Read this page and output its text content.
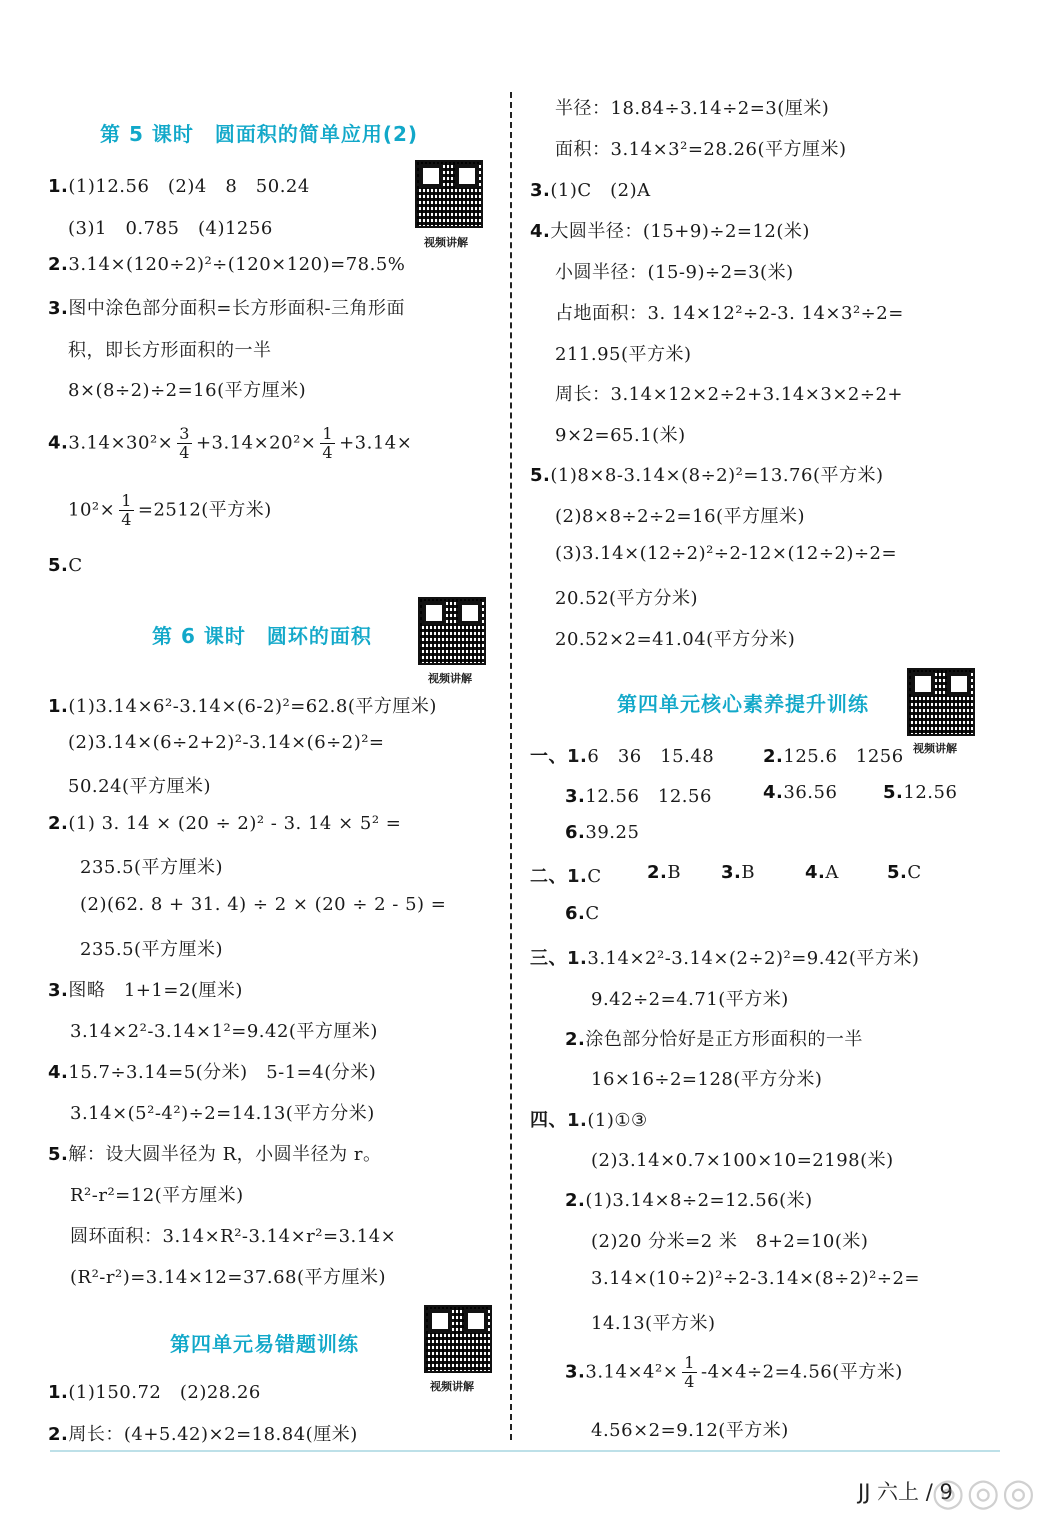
第 5 课时　圆面积的简单应用(2)
视频讲解
1.(1)12.56　(2)4　8　50.24
(3)1　0.785　(4)1256
2.3.14×(120÷2)²÷(120×120)=78.5%
3.图中涂色部分面积=长方形面积-三角形面
积，即长方形面积的一半
8×(8÷2)÷2=16(平方厘米)
$4.3.14\times 30^2\times \frac{3}{4} +3.14\times 20^2\times \frac{1}{4} +3.14\times$
$10^2\times \frac{1}{4} =2512$(平方米)
5.C
第 6 课时　圆环的面积
视频讲解
1.(1)3.14×6²-3.14×(6-2)²=62.8(平方厘米)
(2)3.14×(6÷2+2)²-3.14×(6÷2)²=
50.24(平方厘米)
2.(1) 3. 14 × (20 ÷ 2)² - 3. 14 × 5² =
235.5(平方厘米)
(2)(62. 8 + 31. 4) ÷ 2 × (20 ÷ 2 - 5) =
235.5(平方厘米)
3.图略　1+1=2(厘米)
3.14×2²-3.14×1²=9.42(平方厘米)
4.15.7÷3.14=5(分米)　5-1=4(分米)
3.14×(5²-4²)÷2=14.13(平方分米)
5.解：设大圆半径为 R，小圆半径为 r。
R²-r²=12(平方厘米)
圆环面积：3.14×R²-3.14×r²=3.14×
(R²-r²)=3.14×12=37.68(平方厘米)
第四单元易错题训练
视频讲解
1.(1)150.72　(2)28.26
2.周长：(4+5.42)×2=18.84(厘米)
半径：18.84÷3.14÷2=3(厘米)
面积：3.14×3²=28.26(平方厘米)
3.(1)C　(2)A
4.大圆半径：(15+9)÷2=12(米)
小圆半径：(15-9)÷2=3(米)
占地面积：3. 14×12²÷2-3. 14×3²÷2=
211.95(平方米)
周长：3.14×12×2÷2+3.14×3×2÷2+
9×2=65.1(米)
5.(1)8×8-3.14×(8÷2)²=13.76(平方米)
(2)8×8÷2÷2=16(平方厘米)
(3)3.14×(12÷2)²÷2-12×(12÷2)÷2=
20.52(平方分米)
20.52×2=41.04(平方分米)
第四单元核心素养提升训练
视频讲解
一、1.6　36　15.48	2.125.6　1256
3.12.56　12.56	4.36.56	5.12.56
6.39.25
二、1.C	2.B 3.B	4.A	5.C
6.C
三、1.3.14×2²-3.14×(2÷2)²=9.42(平方米)
9.42÷2=4.71(平方米)
2.涂色部分恰好是正方形面积的一半
16×16÷2=128(平方分米)
四、1.(1)①③
(2)3.14×0.7×100×10=2198(米)
2.(1)3.14×8÷2=12.56(米)
(2)20 分米=2 米　8+2=10(米)
3.14×(10÷2)²÷2-3.14×(8÷2)²÷2=
14.13(平方米)
$3.3.14\times 4^2\times \frac{1}{4} -4\times 4\div 2=4.56$(平方米)
4.56×2=9.12(平方米)
JJ 六上 / 9
◎◎◎
